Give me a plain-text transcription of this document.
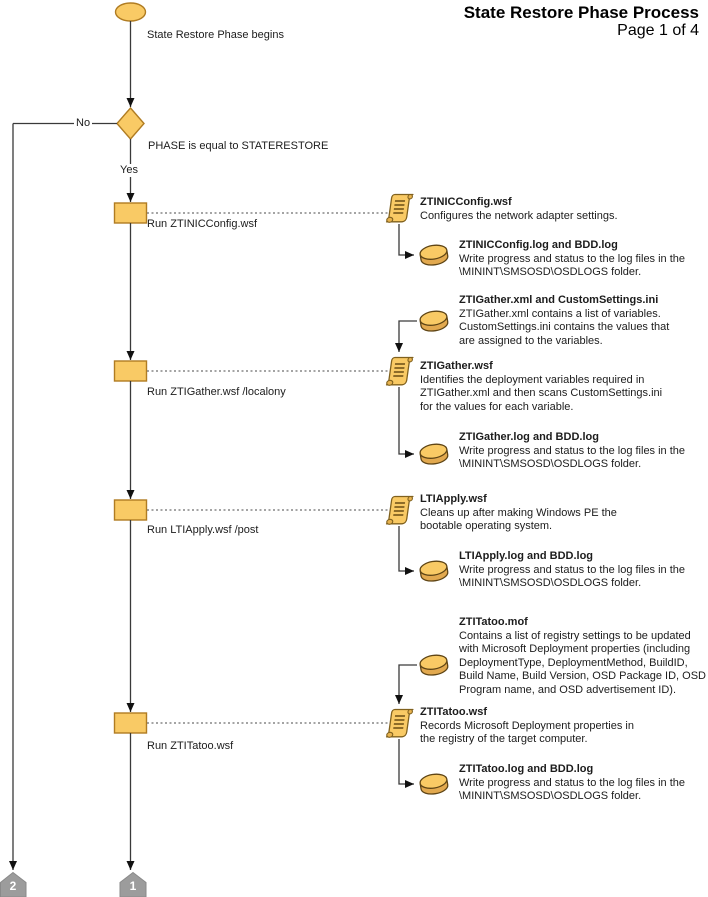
State Restore Phase Process
Page 1 of 4
State Restore Phase begins
No
PHASE is equal to STATERESTORE
Yes
Run ZTINICConfig.wsf
Run ZTIGather.wsf /localony
Run LTIApply.wsf /post
Run ZTITatoo.wsf
ZTINICConfig.wsf
Configures the network adapter settings.
ZTINICConfig.log and BDD.log
Write progress and status to the log files in the \MININT\SMSOSD\OSDLOGS folder.
ZTIGather.xml and CustomSettings.ini
ZTIGather.xml contains a list of variables. CustomSettings.ini contains the values that are assigned to the variables.
ZTIGather.wsf
Identifies the deployment variables required in ZTIGather.xml and then scans CustomSettings.ini for the values for each variable.
ZTIGather.log and BDD.log
Write progress and status to the log files in the \MININT\SMSOSD\OSDLOGS folder.
LTIApply.wsf
Cleans up after making Windows PE the bootable operating system.
LTIApply.log and BDD.log
Write progress and status to the log files in the \MININT\SMSOSD\OSDLOGS folder.
ZTITatoo.mof
Contains a list of registry settings to be updated with Microsoft Deployment properties (including DeploymentType, DeploymentMethod, BuildID, Build Name, Build Version, OSD Package ID, OSD Program name, and OSD advertisement ID).
ZTITatoo.wsf
Records Microsoft Deployment properties in the registry of the target computer.
ZTITatoo.log and BDD.log
Write progress and status to the log files in the \MININT\SMSOSD\OSDLOGS folder.
2	1
